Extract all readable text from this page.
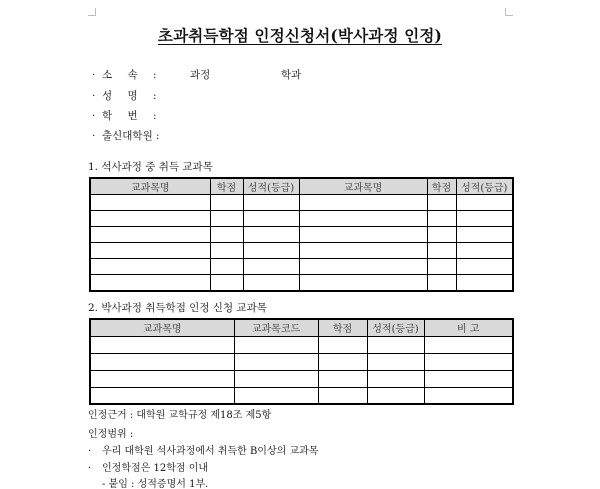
초과취득학점 인정신청서(박사과정 인정)
· 소 속 :	과정	학과
· 성 명 :
· 학 번 :
· 출신대학원 :
1. 석사과정 중 취득 교과목
교과목명	학점	성적(등급)	교과목명	학점	성적(등급)

2. 박사과정 취득학점 인정 신청 교과목
교과목명	교과목코드	학점	성적(등급)	비 고

인정근거 : 대학원 교학규정 제18조 제5항
인정범위 :
· 우리 대학원 석사과정에서 취득한 B이상의 교과목
· 인정학점은 12학점 이내
- 붙임 : 성적증명서 1부.
